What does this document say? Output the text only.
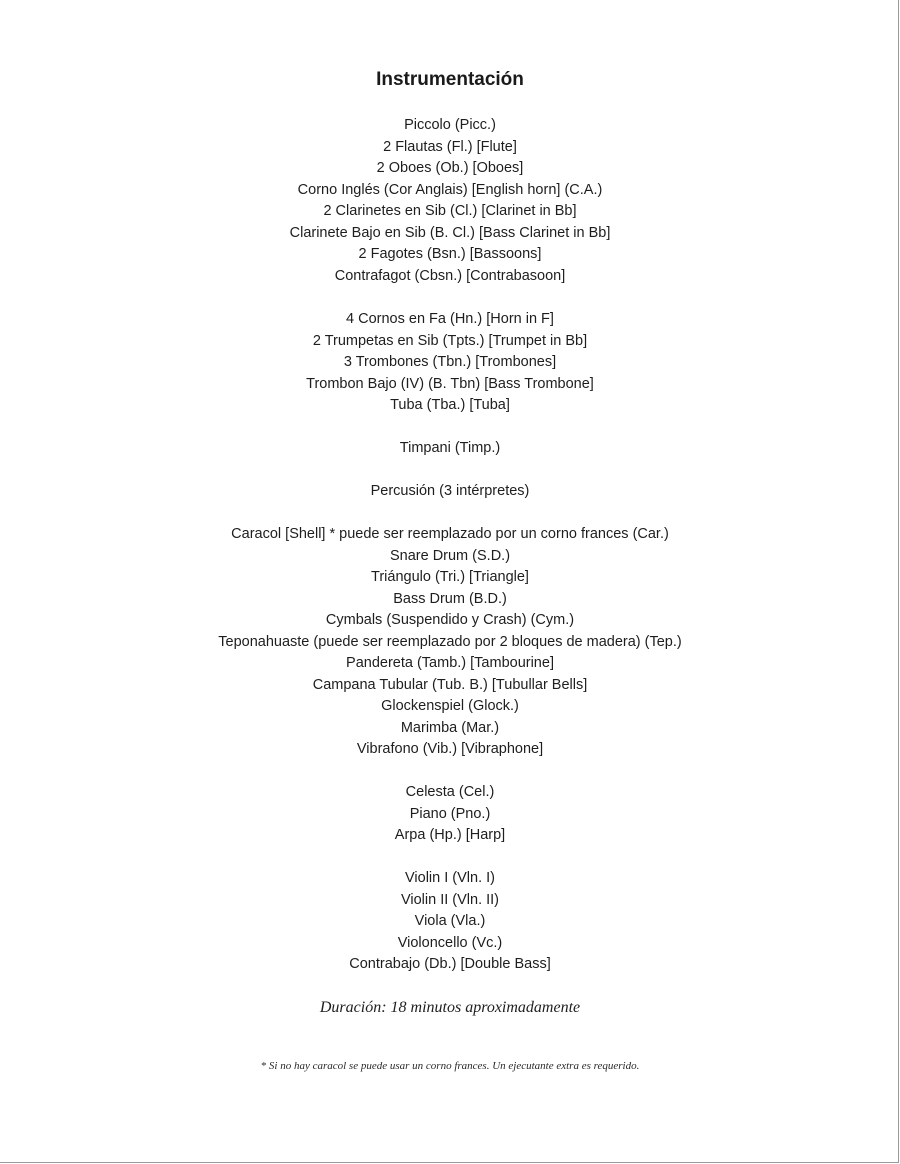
Instrumentación
Piccolo (Picc.)
2 Flautas (Fl.) [Flute]
2 Oboes (Ob.) [Oboes]
Corno Inglés (Cor Anglais) [English horn] (C.A.)
2 Clarinetes en Sib (Cl.) [Clarinet in Bb]
Clarinete Bajo en Sib (B. Cl.) [Bass Clarinet in Bb]
2 Fagotes (Bsn.) [Bassoons]
Contrafagot (Cbsn.) [Contrabasoon]
4 Cornos en Fa (Hn.) [Horn in F]
2 Trumpetas en Sib (Tpts.) [Trumpet in Bb]
3 Trombones (Tbn.) [Trombones]
Trombon Bajo (IV) (B. Tbn) [Bass Trombone]
Tuba (Tba.) [Tuba]
Timpani (Timp.)
Percusión (3 intérpretes)
Caracol [Shell] * puede ser reemplazado por un corno frances (Car.)
Snare Drum (S.D.)
Triángulo (Tri.) [Triangle]
Bass Drum (B.D.)
Cymbals (Suspendido y Crash) (Cym.)
Teponahuaste (puede ser reemplazado por 2 bloques de madera) (Tep.)
Pandereta (Tamb.) [Tambourine]
Campana Tubular (Tub. B.) [Tubullar Bells]
Glockenspiel (Glock.)
Marimba (Mar.)
Vibrafono (Vib.) [Vibraphone]
Celesta (Cel.)
Piano (Pno.)
Arpa (Hp.) [Harp]
Violin I (Vln. I)
Violin II (Vln. II)
Viola (Vla.)
Violoncello (Vc.)
Contrabajo (Db.) [Double Bass]
Duración: 18 minutos aproximadamente
* Si no hay caracol se puede usar un corno frances. Un ejecutante extra es requerido.
